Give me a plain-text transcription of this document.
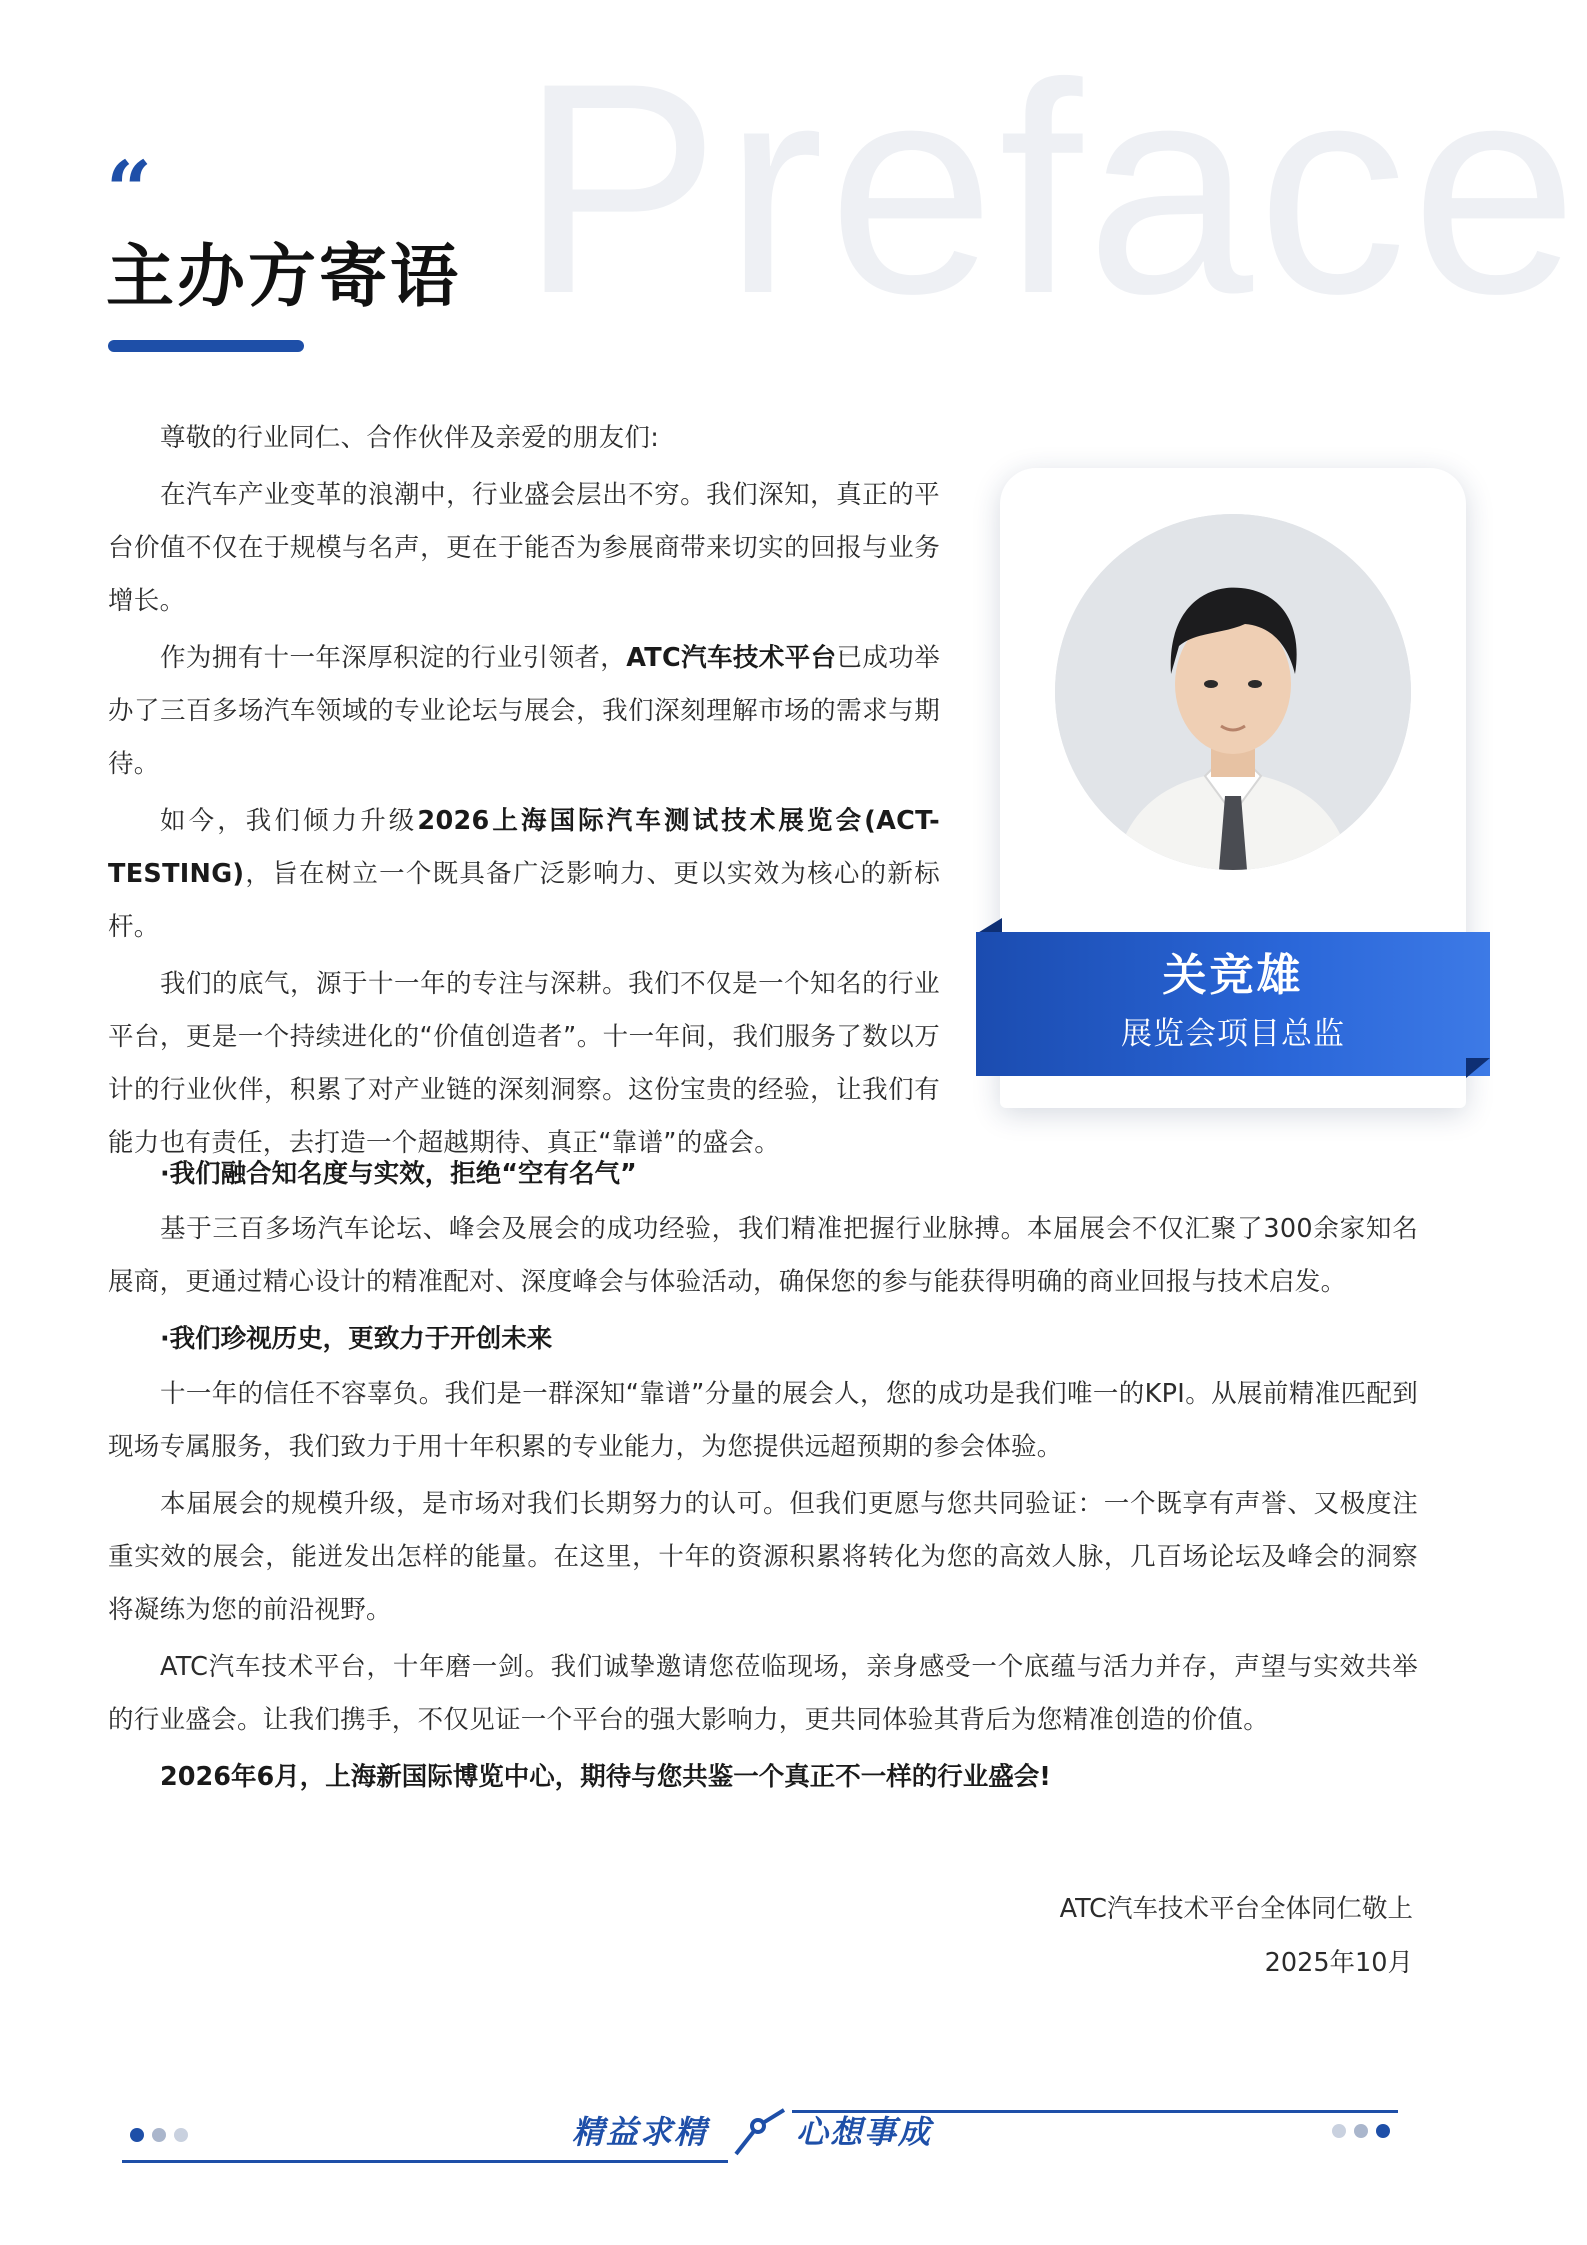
Preface
“
主办方寄语
关竞雄
展览会项目总监

尊敬的行业同仁、合作伙伴及亲爱的朋友们:

在汽车产业变革的浪潮中，行业盛会层出不穷。我们深知，真正的平台价值不仅在于规模与名声，更在于能否为参展商带来切实的回报与业务增长。

作为拥有十一年深厚积淀的行业引领者，ATC汽车技术平台已成功举办了三百多场汽车领域的专业论坛与展会，我们深刻理解市场的需求与期待。

如今，我们倾力升级2026上海国际汽车测试技术展览会(ACT-TESTING)，旨在树立一个既具备广泛影响力、更以实效为核心的新标杆。

我们的底气，源于十一年的专注与深耕。我们不仅是一个知名的行业平台，更是一个持续进化的“价值创造者”。十一年间，我们服务了数以万计的行业伙伴，积累了对产业链的深刻洞察。这份宝贵的经验，让我们有能力也有责任，去打造一个超越期待、真正“靠谱”的盛会。

·我们融合知名度与实效，拒绝“空有名气”

基于三百多场汽车论坛、峰会及展会的成功经验，我们精准把握行业脉搏。本届展会不仅汇聚了300余家知名展商，更通过精心设计的精准配对、深度峰会与体验活动，确保您的参与能获得明确的商业回报与技术启发。

·我们珍视历史，更致力于开创未来

十一年的信任不容辜负。我们是一群深知“靠谱”分量的展会人，您的成功是我们唯一的KPI。从展前精准匹配到现场专属服务，我们致力于用十年积累的专业能力，为您提供远超预期的参会体验。

本届展会的规模升级，是市场对我们长期努力的认可。但我们更愿与您共同验证：一个既享有声誉、又极度注重实效的展会，能迸发出怎样的能量。在这里，十年的资源积累将转化为您的高效人脉，几百场论坛及峰会的洞察将凝练为您的前沿视野。

ATC汽车技术平台，十年磨一剑。我们诚挚邀请您莅临现场，亲身感受一个底蕴与活力并存，声望与实效共举的行业盛会。让我们携手，不仅见证一个平台的强大影响力，更共同体验其背后为您精准创造的价值。

2026年6月，上海新国际博览中心，期待与您共鉴一个真正不一样的行业盛会!

ATC汽车技术平台全体同仁敬上
2025年10月
精益求精	心想事成
